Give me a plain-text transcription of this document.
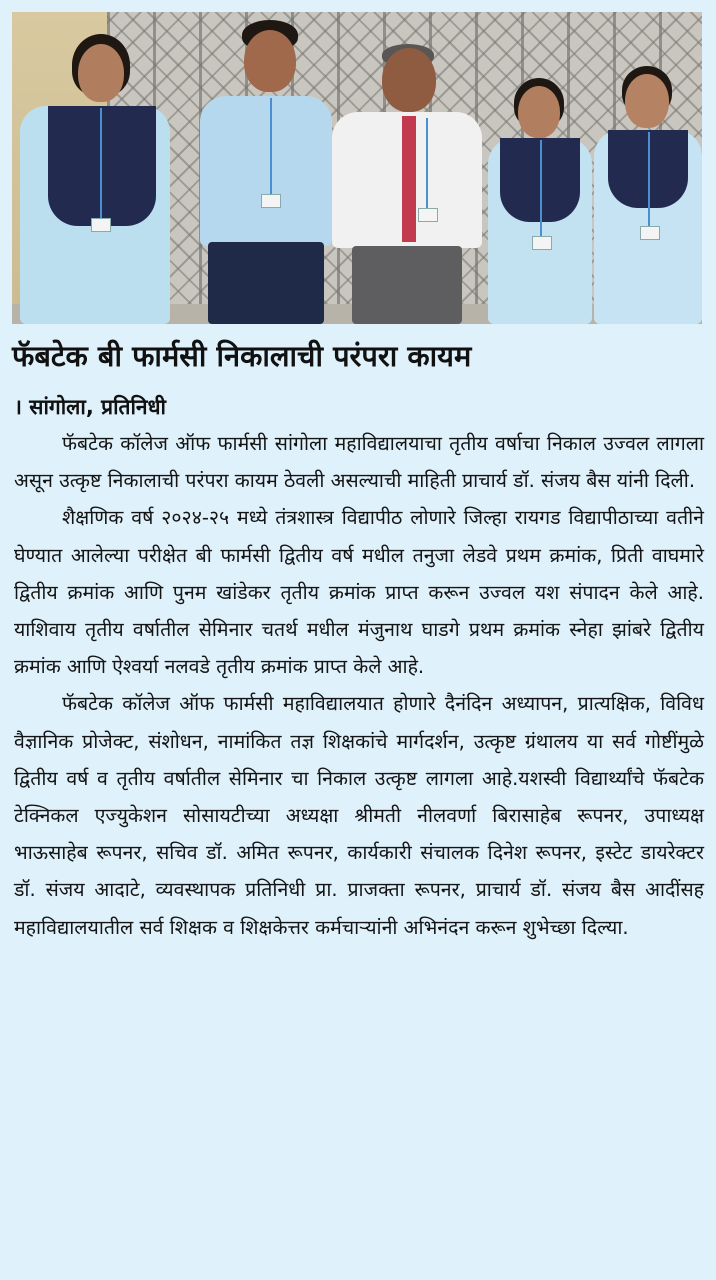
फॅबटेक बी फार्मसी निकालाची परंपरा कायम
। सांगोला, प्रतिनिधी

फॅबटेक कॉलेज ऑफ फार्मसी सांगोला महाविद्यालयाचा तृतीय वर्षाचा निकाल उज्वल लागला असून उत्कृष्ट निकालाची परंपरा कायम ठेवली असल्याची माहिती प्राचार्य डॉ. संजय बैस यांनी दिली.

शैक्षणिक वर्ष २०२४-२५ मध्ये तंत्रशास्त्र विद्यापीठ लोणारे जिल्हा रायगड विद्यापीठाच्या वतीने घेण्यात आलेल्या परीक्षेत बी फार्मसी द्वितीय वर्ष मधील तनुजा लेडवे प्रथम क्रमांक, प्रिती वाघमारे द्वितीय क्रमांक आणि पुनम खांडेकर तृतीय क्रमांक प्राप्त करून उज्वल यश संपादन केले आहे. याशिवाय तृतीय वर्षातील सेमिनार चतर्थ मधील मंजुनाथ घाडगे प्रथम क्रमांक स्नेहा झांबरे द्वितीय क्रमांक आणि ऐश्वर्या नलवडे तृतीय क्रमांक प्राप्त केले आहे.

फॅबटेक कॉलेज ऑफ फार्मसी महाविद्यालयात होणारे दैनंदिन अध्यापन, प्रात्यक्षिक, विविध वैज्ञानिक प्रोजेक्ट, संशोधन, नामांकित तज्ञ शिक्षकांचे मार्गदर्शन, उत्कृष्ट ग्रंथालय या सर्व गोष्टींमुळे द्वितीय वर्ष व तृतीय वर्षातील सेमिनार चा निकाल उत्कृष्ट लागला आहे.यशस्वी विद्यार्थ्यांचे फॅबटेक टेक्निकल एज्युकेशन सोसायटीच्या अध्यक्षा श्रीमती नीलवर्णा बिरासाहेब रूपनर, उपाध्यक्ष भाऊसाहेब रूपनर, सचिव डॉ. अमित रूपनर, कार्यकारी संचालक दिनेश रूपनर, इस्टेट डायरेक्टर डॉ. संजय आदाटे, व्यवस्थापक प्रतिनिधी प्रा. प्राजक्ता रूपनर, प्राचार्य डॉ. संजय बैस आदींसह महाविद्यालयातील सर्व शिक्षक व शिक्षकेत्तर कर्मचाऱ्यांनी अभिनंदन करून शुभेच्छा दिल्या.
